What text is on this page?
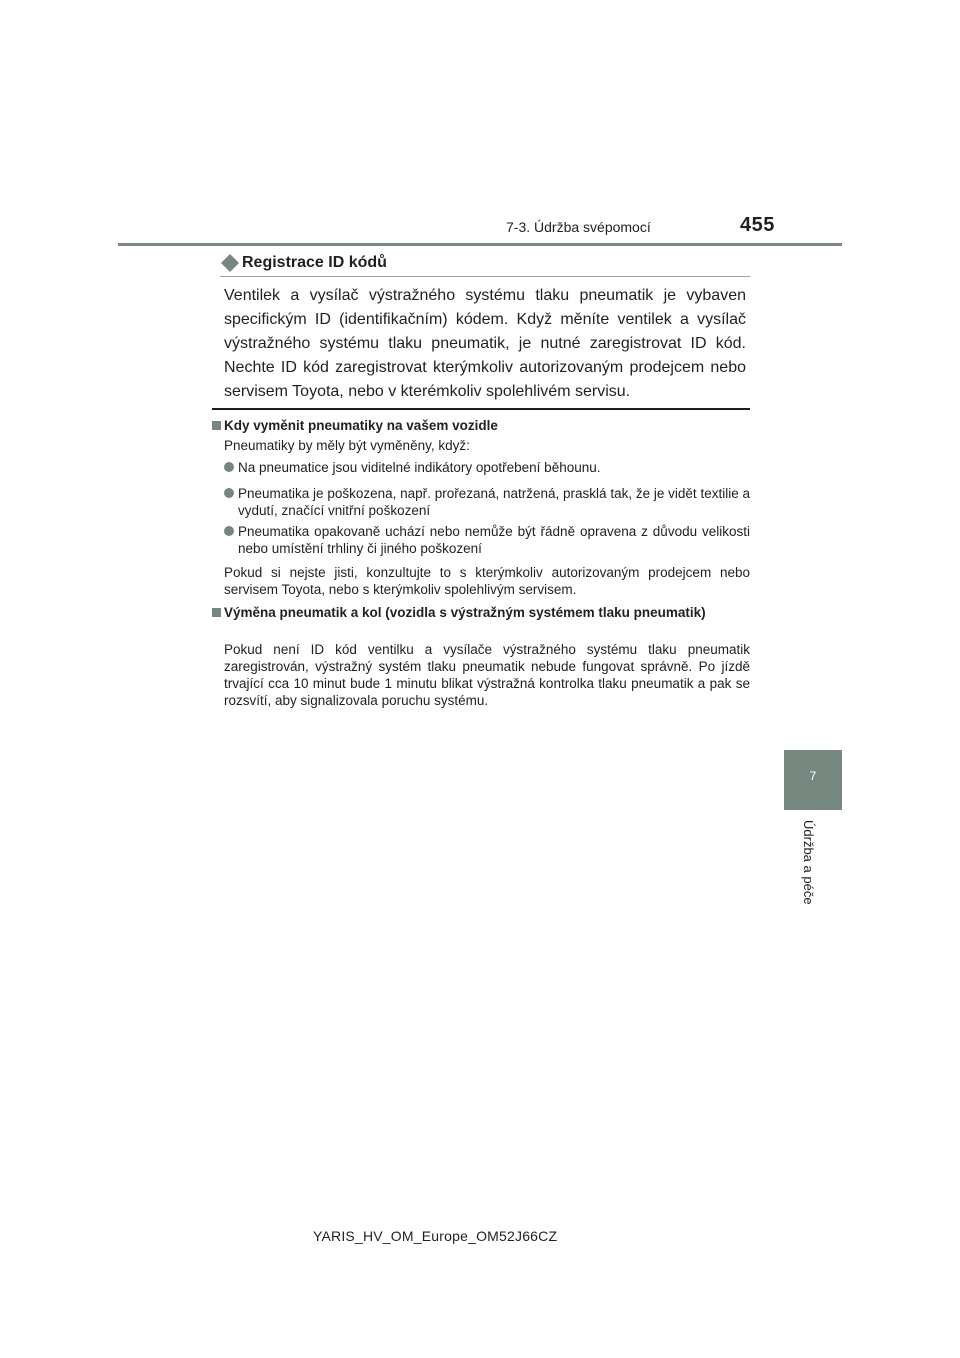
7-3. Údržba svépomocí	455
7
Údržba a péče
Registrace ID kódů

Ventilek a vysílač výstražného systému tlaku pneumatik je vybaven specifickým ID (identifikačním) kódem. Když měníte ventilek a vysílač výstražného systému tlaku pneumatik, je nutné zaregistrovat ID kód. Nechte ID kód zaregistrovat kterýmkoliv autorizovaným prodejcem nebo servisem Toyota, nebo v kterémkoliv spolehlivém servisu.

Kdy vyměnit pneumatiky na vašem vozidle

Pneumatiky by měly být vyměněny, když:

Na pneumatice jsou viditelné indikátory opotřebení běhounu.
Pneumatika je poškozena, např. prořezaná, natržená, prasklá tak, že je vidět textilie a vydutí, značící vnitřní poškození
Pneumatika opakovaně uchází nebo nemůže být řádně opravena z důvodu velikosti nebo umístění trhliny či jiného poškození

Pokud si nejste jisti, konzultujte to s kterýmkoliv autorizovaným prodejcem nebo servisem Toyota, nebo s kterýmkoliv spolehlivým servisem.

Výměna pneumatik a kol (vozidla s výstražným systémem tlaku pneumatik)

Pokud není ID kód ventilku a vysílače výstražného systému tlaku pneumatik zaregistrován, výstražný systém tlaku pneumatik nebude fungovat správně. Po jízdě trvající cca 10 minut bude 1 minutu blikat výstražná kontrolka tlaku pneumatik a pak se rozsvítí, aby signalizovala poruchu systému.

YARIS_HV_OM_Europe_OM52J66CZ
